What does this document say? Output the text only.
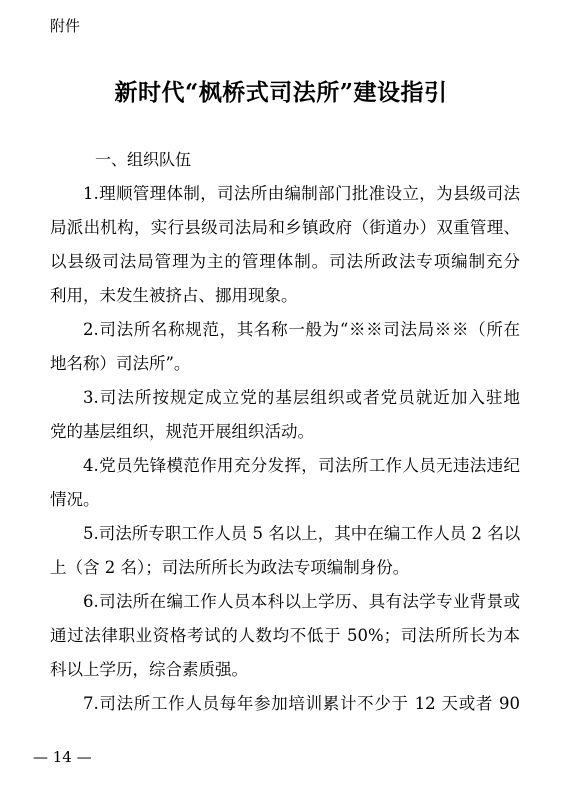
附件
新时代“枫桥式司法所”建设指引
一、组织队伍
1.理顺管理体制，司法所由编制部门批准设立，为县级司法
局派出机构，实行县级司法局和乡镇政府（街道办）双重管理、
以县级司法局管理为主的管理体制。司法所政法专项编制充分
利用，未发生被挤占、挪用现象。
2.司法所名称规范，其名称一般为“※※司法局※※（所在
地名称）司法所”。
3.司法所按规定成立党的基层组织或者党员就近加入驻地
党的基层组织，规范开展组织活动。
4.党员先锋模范作用充分发挥，司法所工作人员无违法违纪
情况。
5.司法所专职工作人员 5 名以上，其中在编工作人员 2 名以
上（含 2 名）；司法所所长为政法专项编制身份。
6.司法所在编工作人员本科以上学历、具有法学专业背景或
通过法律职业资格考试的人数均不低于 50%；司法所所长为本
科以上学历，综合素质强。
7.司法所工作人员每年参加培训累计不少于 12 天或者 90
— 14 —
